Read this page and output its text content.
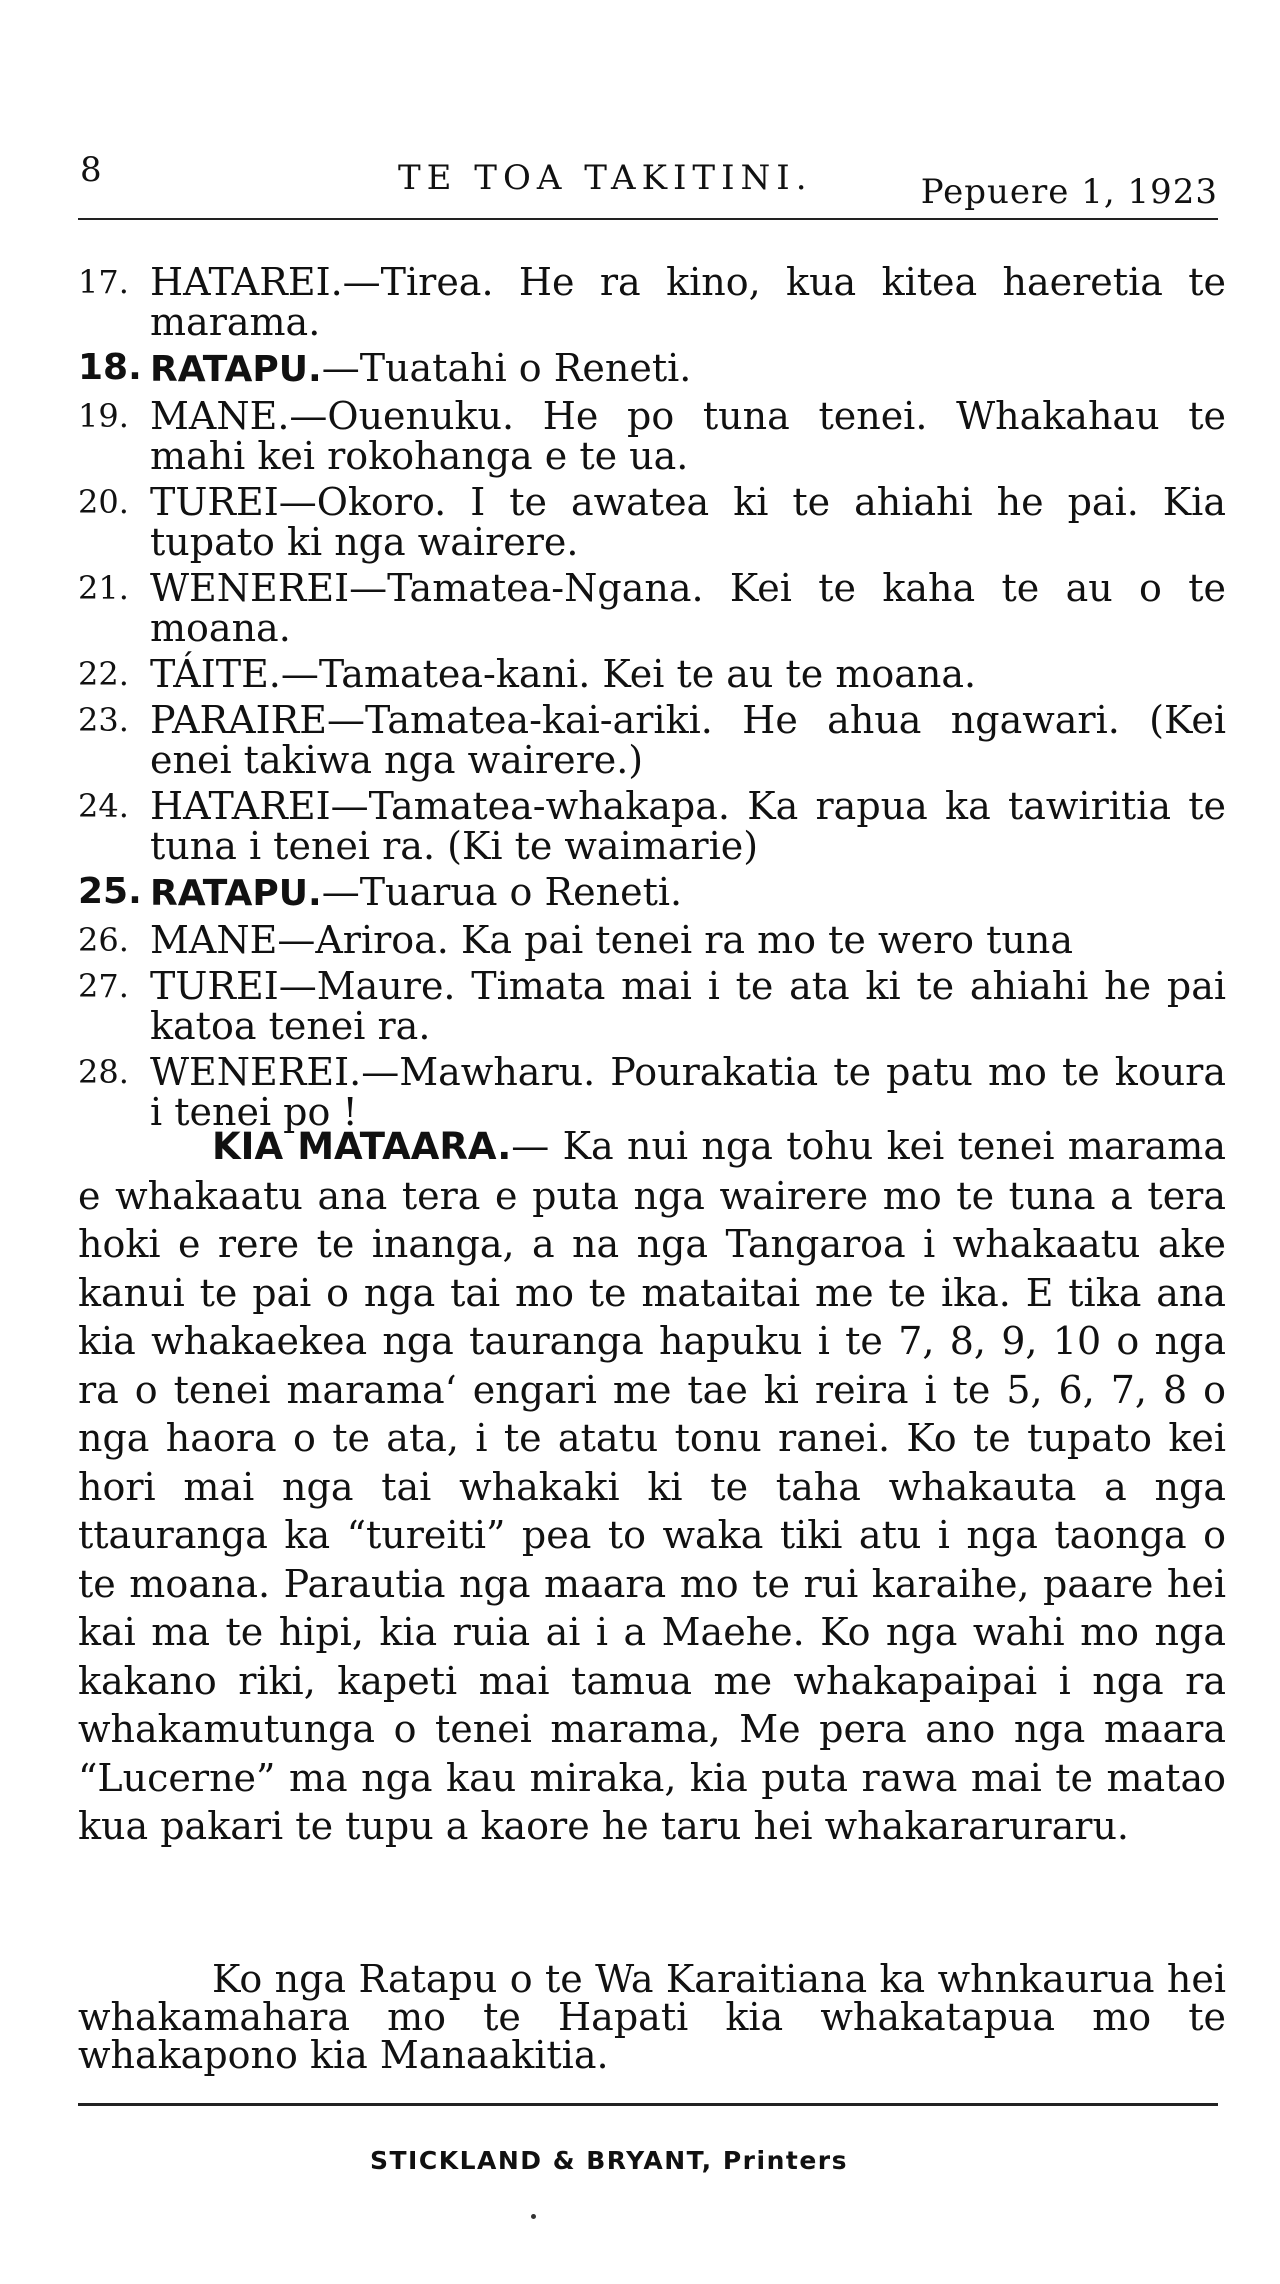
8	TE TOA TAKITINI.	Pepuere 1, 1923
17. HATAREI.—Tirea. He ra kino, kua kitea haeretia te marama.
18. RATAPU.—Tuatahi o Reneti.
19. MANE.—Ouenuku. He po tuna tenei. Whakahau te mahi kei rokohanga e te ua.
20. TUREI—Okoro. I te awatea ki te ahiahi he pai. Kia tupato ki nga wairere.
21. WENEREI—Tamatea-Ngana. Kei te kaha te au o te moana.
22. TÁITE.—Tamatea-kani. Kei te au te moana.
23. PARAIRE—Tamatea-kai-ariki. He ahua ngawari. (Kei enei takiwa nga wairere.)
24. HATAREI—Tamatea-whakapa. Ka rapua ka tawiritia te tuna i tenei ra. (Ki te waimarie)
25. RATAPU.—Tuarua o Reneti.
26. MANE—Ariroa. Ka pai tenei ra mo te wero tuna
27. TUREI—Maure. Timata mai i te ata ki te ahiahi he pai katoa tenei ra.
28. WENEREI.—Mawharu. Pourakatia te patu mo te koura i tenei po !

KIA MATAARA.— Ka nui nga tohu kei tenei marama e whakaatu ana tera e puta nga wairere mo te tuna a tera hoki e rere te inanga, a na nga Tangaroa i whakaatu ake kanui te pai o nga tai mo te mataitai me te ika. E tika ana kia whakaekea nga tauranga hapuku i te 7, 8, 9, 10 o nga ra o tenei marama‘ engari me tae ki reira i te 5, 6, 7, 8 o nga haora o te ata, i te atatu tonu ranei. Ko te tupato kei hori mai nga tai whakaki ki te taha whakauta a nga ttauranga ka “tureiti” pea to waka tiki atu i nga taonga o te moana. Parautia nga maara mo te rui karaihe, paare hei kai ma te hipi, kia ruia ai i a Maehe. Ko nga wahi mo nga kakano riki, kapeti mai tamua me whakapaipai i nga ra whakamutunga o tenei marama, Me pera ano nga maara “Lucerne” ma nga kau miraka, kia puta rawa mai te matao kua pakari te tupu a kaore he taru hei whakararuraru.

Ko nga Ratapu o te Wa Karaitiana ka whnkaurua hei whakamahara mo te Hapati kia whakatapua mo te whakapono kia Manaakitia.

STICKLAND & BRYANT, Printers
